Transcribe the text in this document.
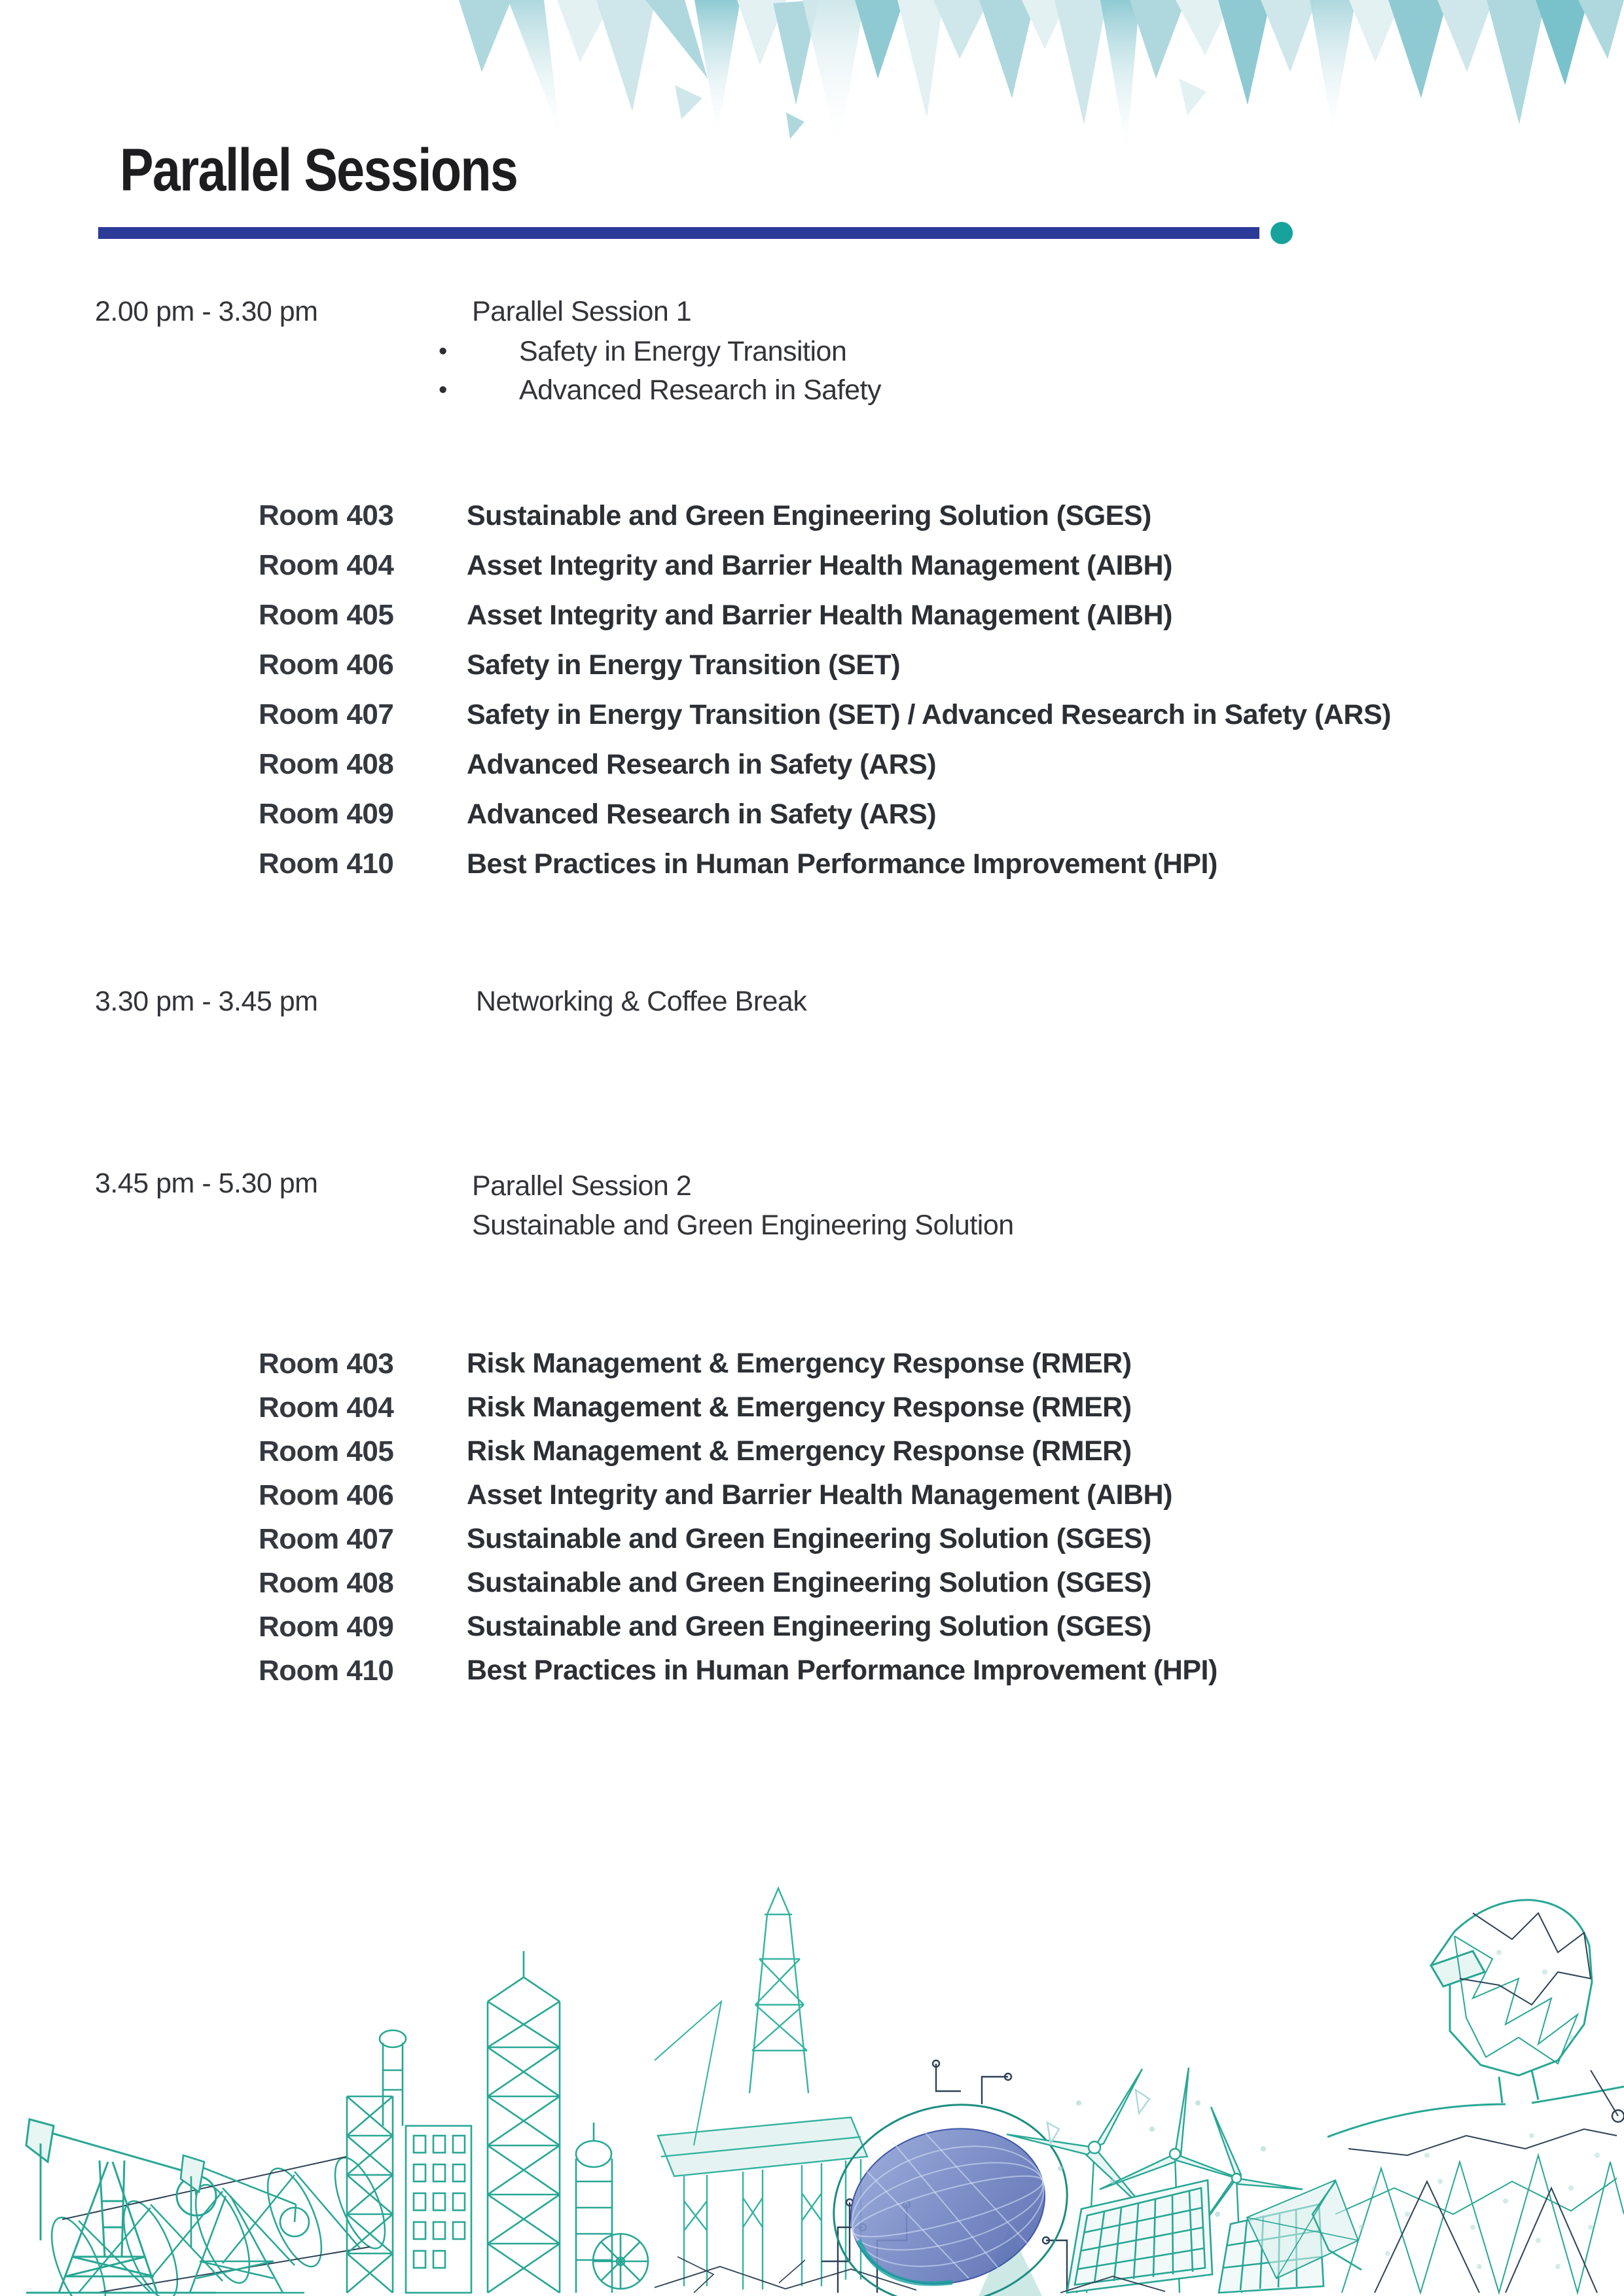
Parallel Sessions
2.00 pm - 3.30 pm	Parallel Session 1
•	Safety in Energy Transition
•	Advanced Research in Safety
Room 403	Sustainable and Green Engineering Solution (SGES)
Room 404	Asset Integrity and Barrier Health Management (AIBH)
Room 405	Asset Integrity and Barrier Health Management (AIBH)
Room 406	Safety in Energy Transition (SET)
Room 407	Safety in Energy Transition (SET) / Advanced Research in Safety (ARS)
Room 408	Advanced Research in Safety (ARS)
Room 409	Advanced Research in Safety (ARS)
Room 410	Best Practices in Human Performance Improvement (HPI)
3.30 pm - 3.45 pm	Networking & Coffee Break
3.45 pm - 5.30 pm	Parallel Session 2
Sustainable and Green Engineering Solution
Room 403	Risk Management & Emergency Response (RMER)
Room 404	Risk Management & Emergency Response (RMER)
Room 405	Risk Management & Emergency Response (RMER)
Room 406	Asset Integrity and Barrier Health Management (AIBH)
Room 407	Sustainable and Green Engineering Solution (SGES)
Room 408	Sustainable and Green Engineering Solution (SGES)
Room 409	Sustainable and Green Engineering Solution (SGES)
Room 410	Best Practices in Human Performance Improvement (HPI)
